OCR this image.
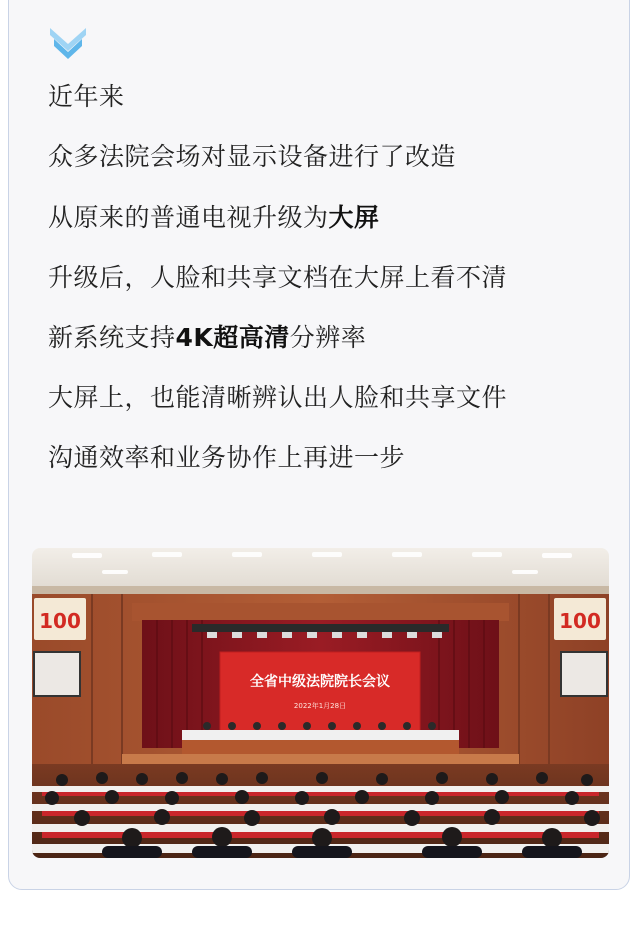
近年来

众多法院会场对显示设备进行了改造

从原来的普通电视升级为大屏

升级后，人脸和共享文档在大屏上看不清

新系统支持4K超高清分辨率

大屏上，也能清晰辨认出人脸和共享文件

沟通效率和业务协作上再进一步

100	100
全省中级法院院长会议
2022年1月28日
